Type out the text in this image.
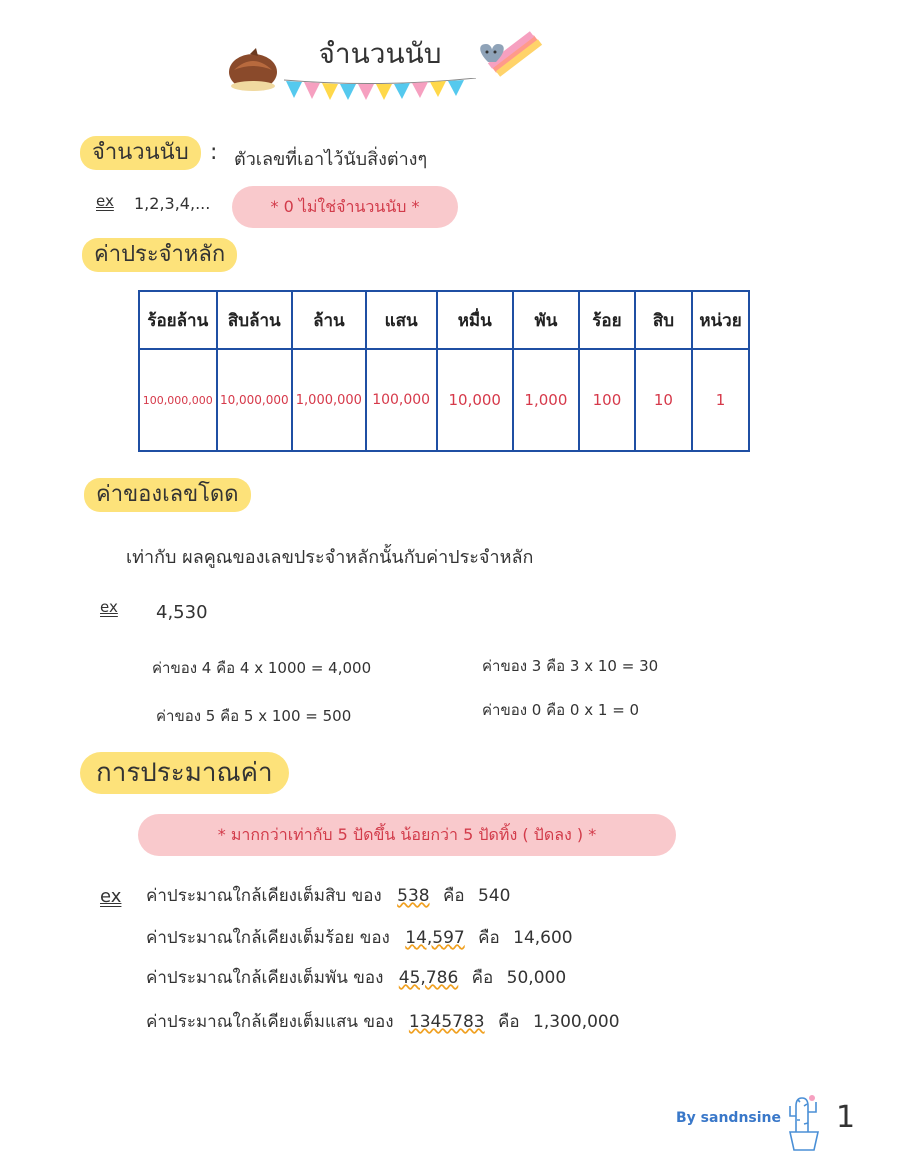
จำนวนนับ
จำนวนนับ : ตัวเลขที่เอาไว้นับสิ่งต่างๆ
ex 1,2,3,4,...	* 0 ไม่ใช่จำนวนนับ *
ค่าประจำหลัก
ร้อยล้าน	สิบล้าน	ล้าน	แสน	หมื่น	พัน	ร้อย	สิบ	หน่วย
100,000,000	10,000,000	1,000,000	100,000	10,000	1,000	100	10	1
ค่าของเลขโดด
เท่ากับ ผลคูณของเลขประจำหลักนั้นกับค่าประจำหลัก
ex 4,530
ค่าของ 4 คือ 4 x 1000 = 4,000
ค่าของ 5 คือ 5 x 100 = 500
ค่าของ 3 คือ 3 x 10 = 30
ค่าของ 0 คือ 0 x 1 = 0
การประมาณค่า
* มากกว่าเท่ากับ 5 ปัดขึ้น น้อยกว่า 5 ปัดทิ้ง ( ปัดลง ) *
ex ค่าประมาณใกล้เคียงเต็มสิบ ของ 538 คือ 540
ค่าประมาณใกล้เคียงเต็มร้อย ของ 14,597 คือ 14,600
ค่าประมาณใกล้เคียงเต็มพัน ของ 45,786 คือ 50,000
ค่าประมาณใกล้เคียงเต็มแสน ของ 1345783 คือ 1,300,000
By sandnsine 1
